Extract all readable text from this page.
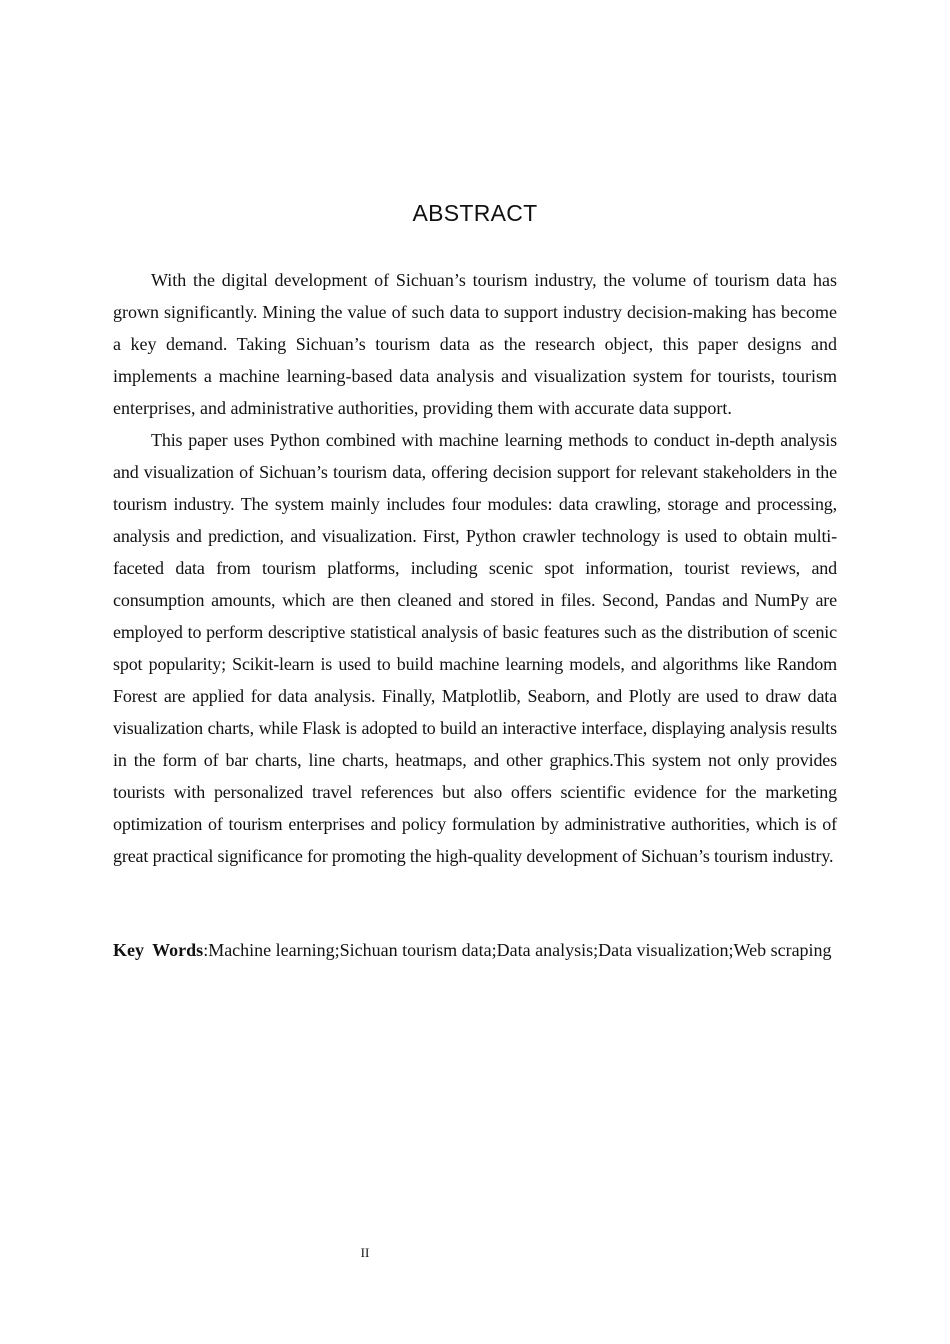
ABSTRACT

With the digital development of Sichuan’s tourism industry, the volume of tourism data has grown significantly. Mining the value of such data to support industry decision-making has become a key demand. Taking Sichuan’s tourism data as the research object, this paper designs and implements a machine learning-based data analysis and visualization system for tourists, tourism enterprises, and administrative authorities, providing them with accurate data support.

This paper uses Python combined with machine learning methods to conduct in-depth analysis and visualization of Sichuan’s tourism data, offering decision support for relevant stakeholders in the tourism industry. The system mainly includes four modules: data crawling, storage and processing, analysis and prediction, and visualization. First, Python crawler technology is used to obtain multi-faceted data from tourism platforms, including scenic spot information, tourist reviews, and consumption amounts, which are then cleaned and stored in files. Second, Pandas and NumPy are employed to perform descriptive statistical analysis of basic features such as the distribution of scenic spot popularity; Scikit-learn is used to build machine learning models, and algorithms like Random Forest are applied for data analysis. Finally, Matplotlib, Seaborn, and Plotly are used to draw data visualization charts, while Flask is adopted to build an interactive interface, displaying analysis results in the form of bar charts, line charts, heatmaps, and other graphics.This system not only provides tourists with personalized travel references but also offers scientific evidence for the marketing optimization of tourism enterprises and policy formulation by administrative authorities, which is of great practical significance for promoting the high-quality development of Sichuan’s tourism industry.

Key Words:Machine learning;Sichuan tourism data;Data analysis;Data visualization;Web scraping

II
